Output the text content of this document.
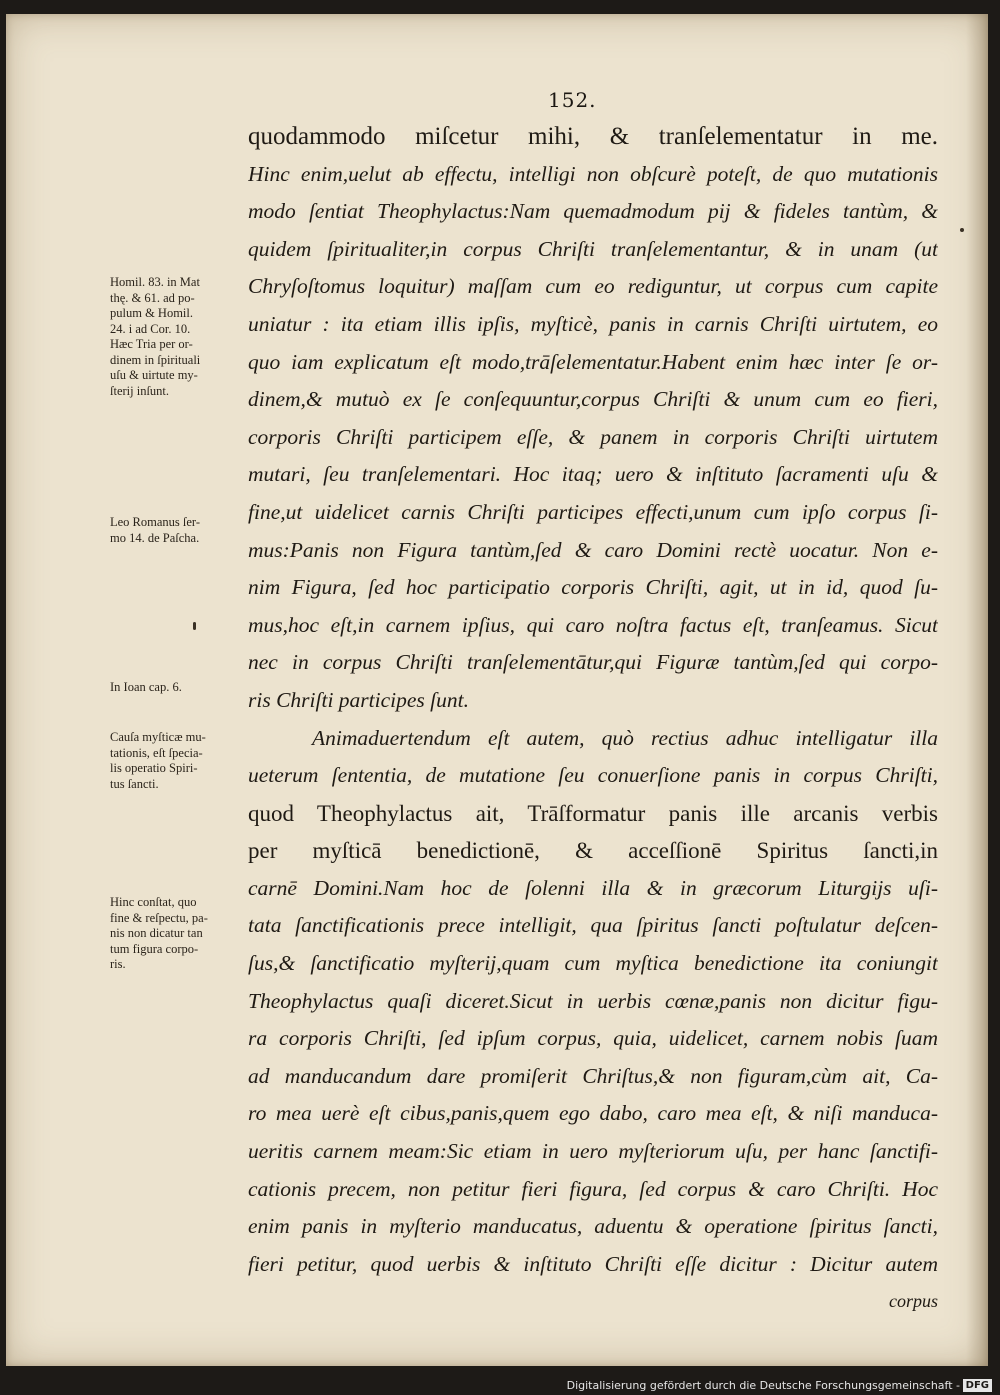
152.
quodammodo miſcetur mihi, & tranſelementatur in me.
Hinc enim,uelut ab effectu, intelligi non obſcurè poteſt, de quo mutationis
modo ſentiat Theophylactus:Nam quemadmodum pij & fideles tantùm, &
quidem ſpiritualiter,in corpus Chriſti tranſelementantur, & in unam (ut
Chryſoſtomus loquitur) maſſam cum eo rediguntur, ut corpus cum capite
uniatur : ita etiam illis ipſis, myſticè, panis in carnis Chriſti uirtutem, eo
quo iam explicatum eſt modo,trāſelementatur.Habent enim hæc inter ſe or-
dinem,& mutuò ex ſe conſequuntur,corpus Chriſti & unum cum eo fieri,
corporis Chriſti participem eſſe, & panem in corporis Chriſti uirtutem
mutari, ſeu tranſelementari. Hoc itaq; uero & inſtituto ſacramenti uſu &
fine,ut uidelicet carnis Chriſti participes effecti,unum cum ipſo corpus ſi-
mus:Panis non Figura tantùm,ſed & caro Domini rectè uocatur. Non e-
nim Figura, ſed hoc participatio corporis Chriſti, agit, ut in id, quod ſu-
mus,hoc eſt,in carnem ipſius, qui caro noſtra factus eſt, tranſeamus. Sicut
nec in corpus Chriſti tranſelementātur,qui Figuræ tantùm,ſed qui corpo-
ris Chriſti participes ſunt.
Animaduertendum eſt autem, quò rectius adhuc intelligatur illa
ueterum ſententia, de mutatione ſeu conuerſione panis in corpus Chriſti,
quod Theophylactus ait, Trāſformatur panis ille arcanis verbis
per myſticā benedictionē, & acceſſionē Spiritus ſancti,in
carnē Domini.Nam hoc de ſolenni illa & in græcorum Liturgijs uſi-
tata ſanctificationis prece intelligit, qua ſpiritus ſancti poſtulatur deſcen-
ſus,& ſanctificatio myſterij,quam cum myſtica benedictione ita coniungit
Theophylactus quaſi diceret.Sicut in uerbis cœnæ,panis non dicitur figu-
ra corporis Chriſti, ſed ipſum corpus, quia, uidelicet, carnem nobis ſuam
ad manducandum dare promiſerit Chriſtus,& non figuram,cùm ait, Ca-
ro mea uerè eſt cibus,panis,quem ego dabo, caro mea eſt, & niſi manduca-
ueritis carnem meam:Sic etiam in uero myſteriorum uſu, per hanc ſanctifi-
cationis precem, non petitur fieri figura, ſed corpus & caro Chriſti. Hoc
enim panis in myſterio manducatus, aduentu & operatione ſpiritus ſancti,
fieri petitur, quod uerbis & inſtituto Chriſti eſſe dicitur : Dicitur autem
corpus
Homil. 83. in Mat
thę. & 61. ad po-
pulum & Homil.
24. i ad Cor. 10.
Hæc Tria per or-
dinem in ſpirituali
uſu & uirtute my-
ſterij inſunt.
Leo Romanus ſer-
mo 14. de Paſcha.
In Ioan cap. 6.
Cauſa myſticæ mu-
tationis, eſt ſpecia-
lis operatio Spiri-
tus ſancti.
Hinc conſtat, quo
fine & reſpectu, pa-
nis non dicatur tan
tum figura corpo-
ris.
Digitalisierung gefördert durch die Deutsche Forschungsgemeinschaft - DFG
